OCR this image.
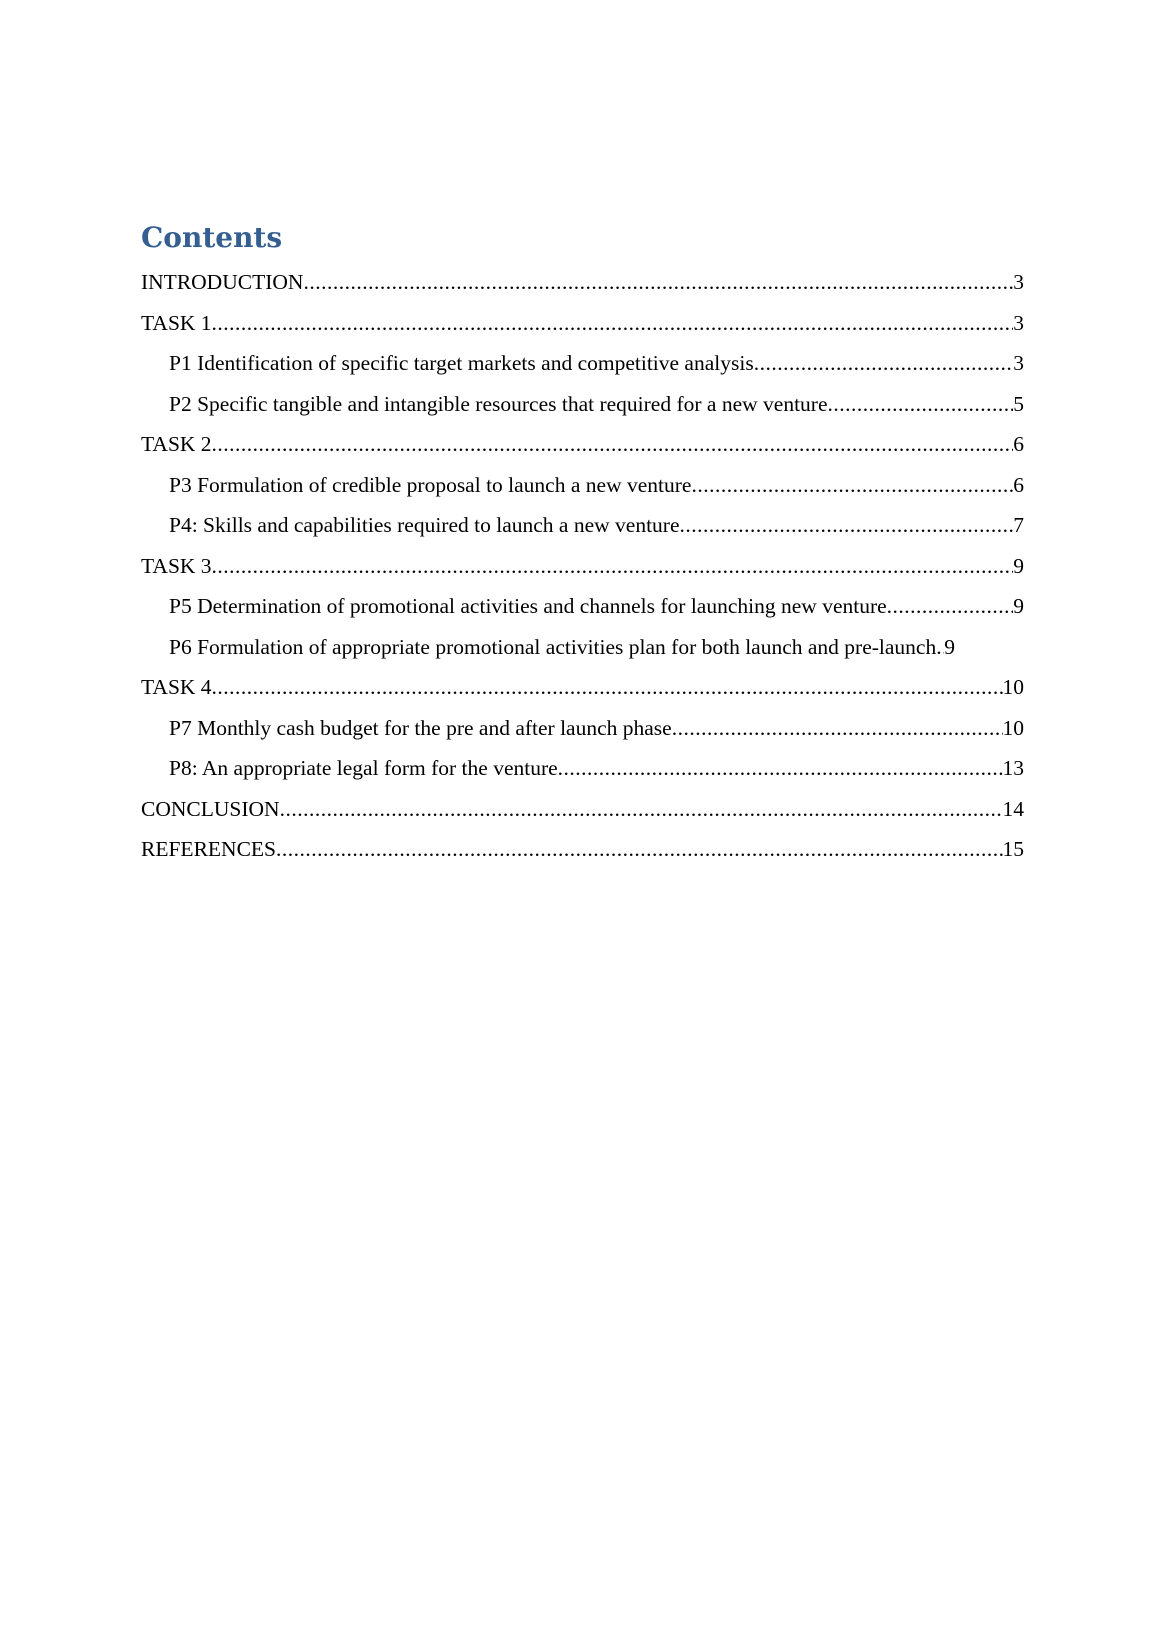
Contents
INTRODUCTION .....	3
TASK 1 .....	3
P1 Identification of specific target markets and competitive analysis .....	3
P2 Specific tangible and intangible resources that required for a new venture .....	5
TASK 2 .....	6
P3 Formulation of credible proposal to launch a new venture .....	6
P4: Skills and capabilities required to launch a new venture .....	7
TASK 3 .....	9
P5 Determination of promotional activities and channels for launching new venture .....	9
P6 Formulation of appropriate promotional activities plan for both launch and pre-launch ..... 9
TASK 4 .....	10
P7 Monthly cash budget for the pre and after launch phase .....	10
P8: An appropriate legal form for the venture .....	13
CONCLUSION .....	14
REFERENCES .....	15
